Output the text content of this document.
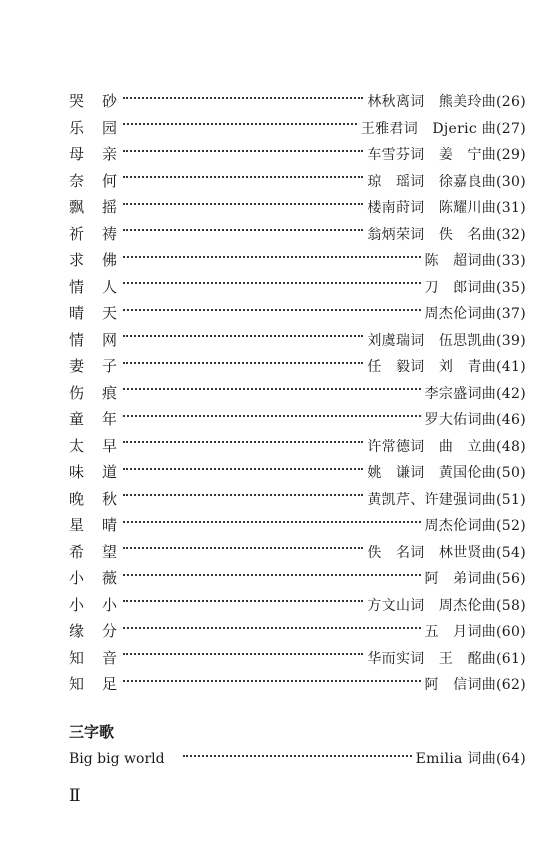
哭 砂	林秋离词　熊美玲曲(26)
乐 园	王雅君词　Djeric 曲(27)
母 亲	车雪芬词　姜　宁曲(29)
奈 何	琼　瑶词　徐嘉良曲(30)
飘 摇	楼南莳词　陈耀川曲(31)
祈 祷	翁炳荣词　佚　名曲(32)
求 佛	陈　超词曲(33)
情 人	刀　郎词曲(35)
晴 天	周杰伦词曲(37)
情 网	刘虞瑞词　伍思凯曲(39)
妻 子	任　毅词　刘　青曲(41)
伤 痕	李宗盛词曲(42)
童 年	罗大佑词曲(46)
太 早	许常德词　曲　立曲(48)
味 道	姚　谦词　黄国伦曲(50)
晚 秋	黄凯芹、许建强词曲(51)
星 晴	周杰伦词曲(52)
希 望	佚　名词　林世贤曲(54)
小 薇	阿　弟词曲(56)
小 小	方文山词　周杰伦曲(58)
缘 分	五　月词曲(60)
知 音	华而实词　王　酩曲(61)
知 足	阿　信词曲(62)
三字歌
Big big world	Emilia 词曲(64)
Ⅱ
